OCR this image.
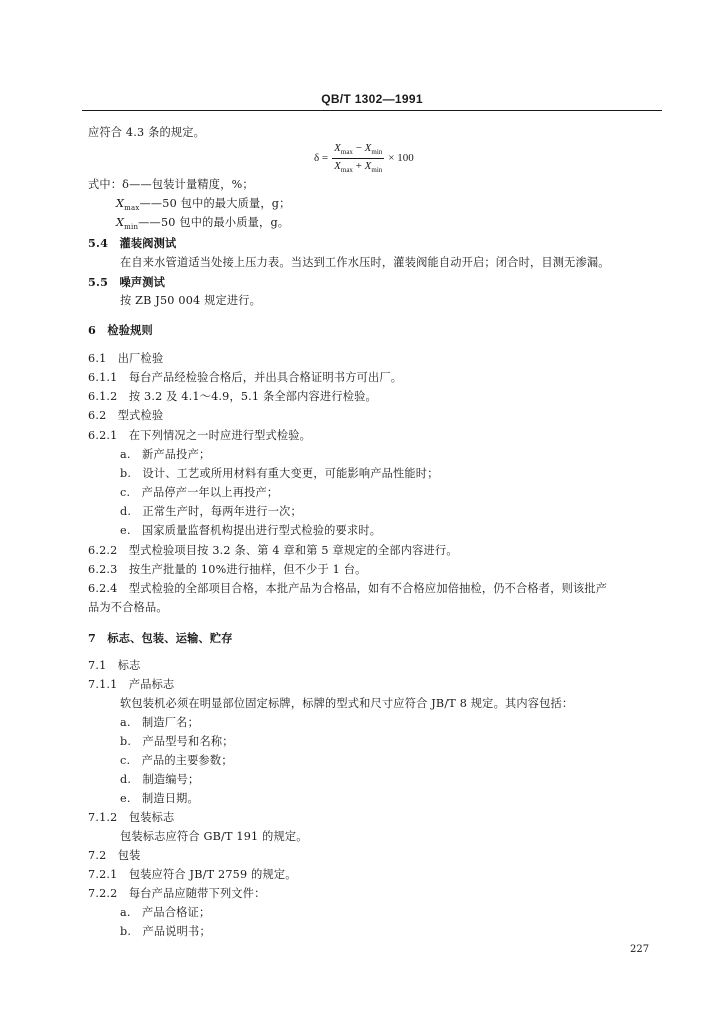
QB/T 1302—1991
$\delta = \frac{X_{max} - X_{min}}{X_{max} + X_{min}} \times 100$
应符合 4.3 条的规定。
式中：δ——包装计量精度，%；
$X_{max}——50$ 包中的最大质量，g；
$X_{min}——50$ 包中的最小质量，g。
5.4　灌装阀测试
在自来水管道适当处接上压力表。当达到工作水压时，灌装阀能自动开启；闭合时，目测无渗漏。
5.5　噪声测试
按 ZB J50 004 规定进行。
6　检验规则
6.1　出厂检验
6.1.1　每台产品经检验合格后，并出具合格证明书方可出厂。
6.1.2　按 3.2 及 4.1～4.9，5.1 条全部内容进行检验。
6.2　型式检验
6.2.1　在下列情况之一时应进行型式检验。
a.　新产品投产；
b.　设计、工艺或所用材料有重大变更，可能影响产品性能时；
c.　产品停产一年以上再投产；
d.　正常生产时，每两年进行一次；
e.　国家质量监督机构提出进行型式检验的要求时。
6.2.2　型式检验项目按 3.2 条、第 4 章和第 5 章规定的全部内容进行。
6.2.3　按生产批量的 10%进行抽样，但不少于 1 台。
6.2.4　型式检验的全部项目合格，本批产品为合格品，如有不合格应加倍抽检，仍不合格者，则该批产
品为不合格品。
7　标志、包装、运输、贮存
7.1　标志
7.1.1　产品标志
软包装机必须在明显部位固定标牌，标牌的型式和尺寸应符合 JB/T 8 规定。其内容包括：
a.　制造厂名；
b.　产品型号和名称；
c.　产品的主要参数；
d.　制造编号；
e.　制造日期。
7.1.2　包装标志
包装标志应符合 GB/T 191 的规定。
7.2　包装
7.2.1　包装应符合 JB/T 2759 的规定。
7.2.2　每台产品应随带下列文件：
a.　产品合格证；
b.　产品说明书；
227
